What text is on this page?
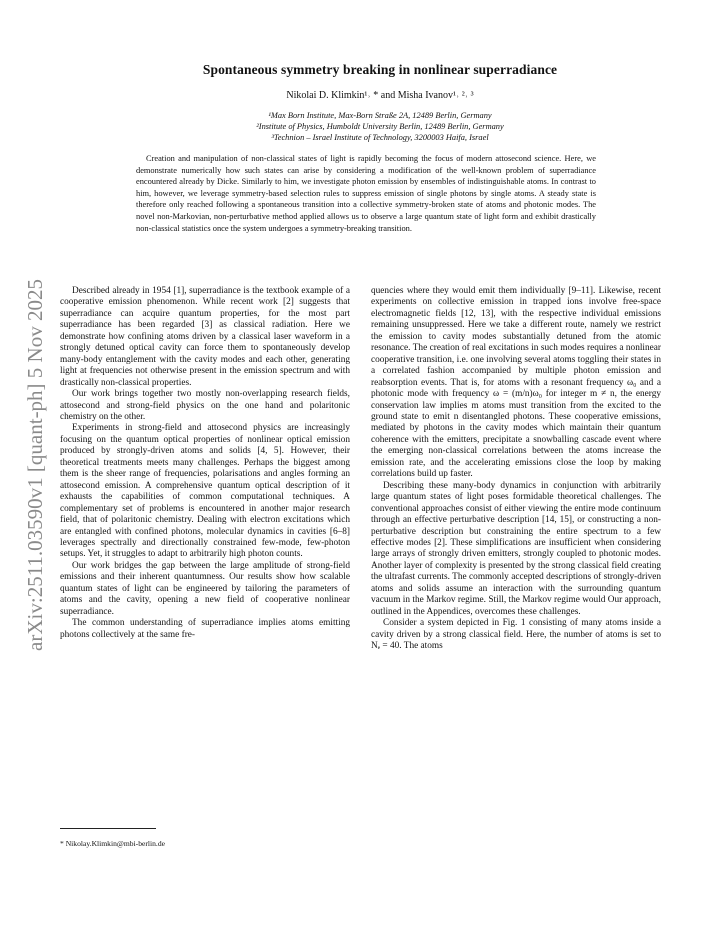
arXiv:2511.03590v1 [quant-ph] 5 Nov 2025
Spontaneous symmetry breaking in nonlinear superradiance
Nikolai D. Klimkin¹˒ * and Misha Ivanov¹˒ ²˒ ³
¹Max Born Institute, Max-Born Straße 2A, 12489 Berlin, Germany
²Institute of Physics, Humboldt University Berlin, 12489 Berlin, Germany
³Technion – Israel Institute of Technology, 3200003 Haifa, Israel
Creation and manipulation of non-classical states of light is rapidly becoming the focus of modern attosecond science. Here, we demonstrate numerically how such states can arise by considering a modification of the well-known problem of superradiance encountered already by Dicke. Similarly to him, we investigate photon emission by ensembles of indistinguishable atoms. In contrast to him, however, we leverage symmetry-based selection rules to suppress emission of single photons by single atoms. A steady state is therefore only reached following a spontaneous transition into a collective symmetry-broken state of atoms and photonic modes. The novel non-Markovian, non-perturbative method applied allows us to observe a large quantum state of light form and exhibit drastically non-classical statistics once the system undergoes a symmetry-breaking transition.

Described already in 1954 [1], superradiance is the textbook example of a cooperative emission phenomenon. While recent work [2] suggests that superradiance can acquire quantum properties, for the most part superradiance has been regarded [3] as classical radiation. Here we demonstrate how confining atoms driven by a classical laser waveform in a strongly detuned optical cavity can force them to spontaneously develop many-body entanglement with the cavity modes and each other, generating light at frequencies not otherwise present in the emission spectrum and with drastically non-classical properties.

Our work brings together two mostly non-overlapping research fields, attosecond and strong-field physics on the one hand and polaritonic chemistry on the other.

Experiments in strong-field and attosecond physics are increasingly focusing on the quantum optical properties of nonlinear optical emission produced by strongly-driven atoms and solids [4, 5]. However, their theoretical treatments meets many challenges. Perhaps the biggest among them is the sheer range of frequencies, polarisations and angles forming an attosecond emission. A comprehensive quantum optical description of it exhausts the capabilities of common computational techniques. A complementary set of problems is encountered in another major research field, that of polaritonic chemistry. Dealing with electron excitations which are entangled with confined photons, molecular dynamics in cavities [6–8] leverages spectrally and directionally constrained few-mode, few-photon setups. Yet, it struggles to adapt to arbitrarily high photon counts.

Our work bridges the gap between the large amplitude of strong-field emissions and their inherent quantumness. Our results show how scalable quantum states of light can be engineered by tailoring the parameters of atoms and the cavity, opening a new field of cooperative nonlinear superradiance.

The common understanding of superradiance implies atoms emitting photons collectively at the same fre-

quencies where they would emit them individually [9–11]. Likewise, recent experiments on collective emission in trapped ions involve free-space electromagnetic fields [12, 13], with the respective individual emissions remaining unsuppressed. Here we take a different route, namely we restrict the emission to cavity modes substantially detuned from the atomic resonance. The creation of real excitations in such modes requires a nonlinear cooperative transition, i.e. one involving several atoms toggling their states in a correlated fashion accompanied by multiple photon emission and reabsorption events. That is, for atoms with a resonant frequency ω₀ and a photonic mode with frequency ω = (m/n)ω₀ for integer m ≠ n, the energy conservation law implies m atoms must transition from the excited to the ground state to emit n disentangled photons. These cooperative emissions, mediated by photons in the cavity modes which maintain their quantum coherence with the emitters, precipitate a snowballing cascade event where the emerging non-classical correlations between the atoms increase the emission rate, and the accelerating emissions close the loop by making correlations build up faster.

Describing these many-body dynamics in conjunction with arbitrarily large quantum states of light poses formidable theoretical challenges. The conventional approaches consist of either viewing the entire mode continuum through an effective perturbative description [14, 15], or constructing a non-perturbative description but constraining the entire spectrum to a few effective modes [2]. These simplifications are insufficient when considering large arrays of strongly driven emitters, strongly coupled to photonic modes. Another layer of complexity is presented by the strong classical field creating the ultrafast currents. The commonly accepted descriptions of strongly-driven atoms and solids assume an interaction with the surrounding quantum vacuum in the Markov regime. Still, the Markov regime would Our approach, outlined in the Appendices, overcomes these challenges.

Consider a system depicted in Fig. 1 consisting of many atoms inside a cavity driven by a strong classical field. Here, the number of atoms is set to Nₑ = 40. The atoms

* Nikolay.Klimkin@mbi-berlin.de
